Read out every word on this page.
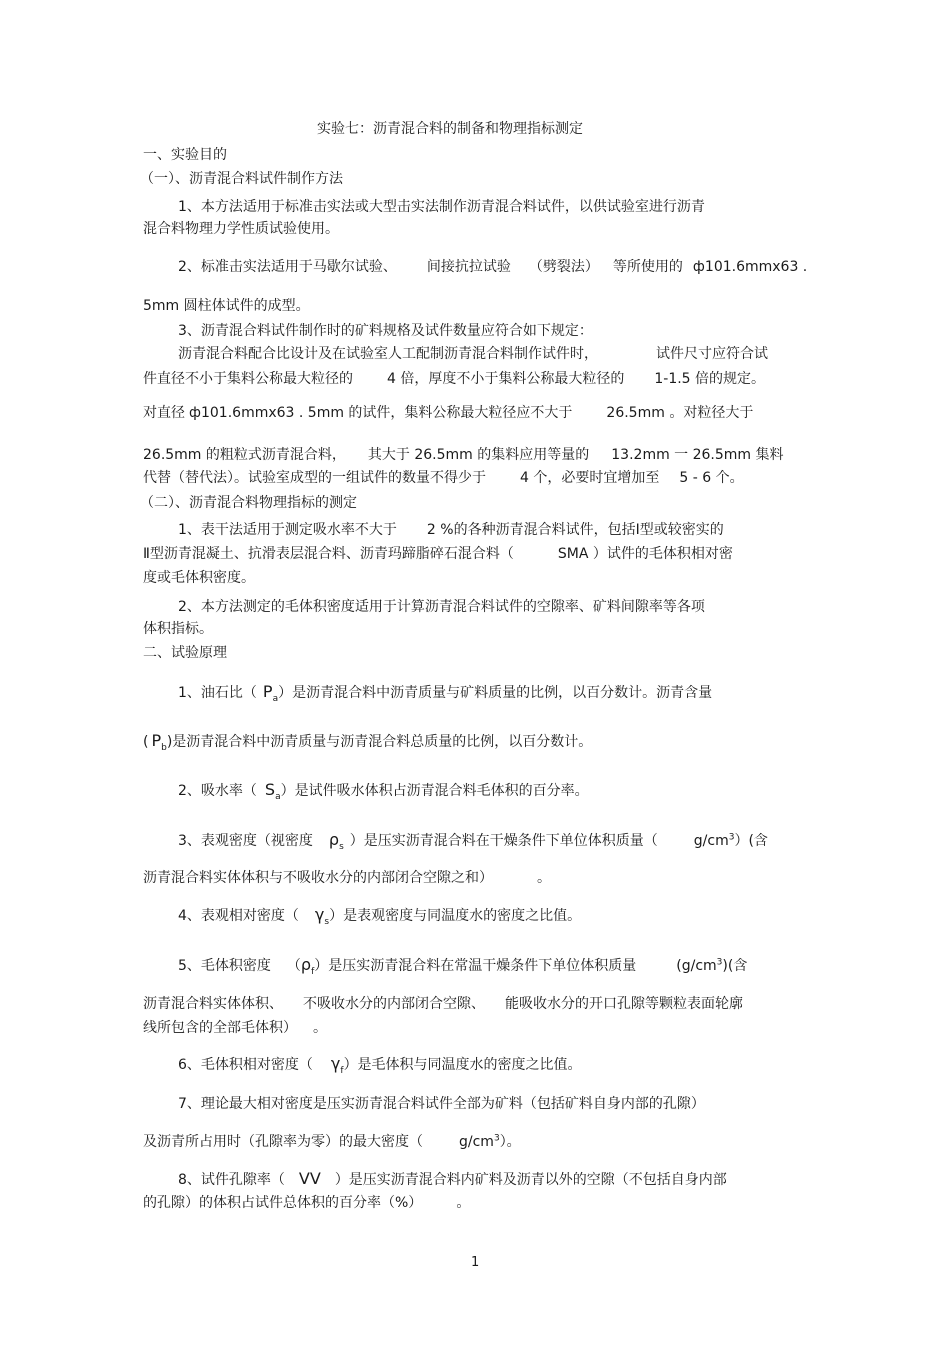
实验七：沥青混合料的制备和物理指标测定
一、实验目的
（一）、沥青混合料试件制作方法
1、本方法适用于标准击实法或大型击实法制作沥青混合料试件，以供试验室进行沥青
混合料物理力学性质试验使用。
2、标准击实法适用于马歇尔试验、 间接抗拉试验 （劈裂法） 等所使用的 ф101.6mmx63 .
5mm 圆柱体试件的成型。
3、沥青混合料试件制作时的矿料规格及试件数量应符合如下规定：
沥青混合料配合比设计及在试验室人工配制沥青混合料制作试件时，	试件尺寸应符合试
件直径不小于集料公称最大粒径的 4 倍，厚度不小于集料公称最大粒径的 1-1.5 倍的规定。
对直径 ф101.6mmx63 . 5mm 的试件，集料公称最大粒径应不大于 26.5mm 。对粒径大于
26.5mm 的粗粒式沥青混合料， 其大于 26.5mm 的集料应用等量的 13.2mm 一 26.5mm 集料
代替（替代法）。试验室成型的一组试件的数量不得少于 4 个，必要时宜增加至 5 - 6 个。
（二）、沥青混合料物理指标的测定
1、表干法适用于测定吸水率不大于 2 %的各种沥青混合料试件，包括Ⅰ型或较密实的
Ⅱ型沥青混凝土、抗滑表层混合料、沥青玛蹄脂碎石混合料（	SMA ）试件的毛体积相对密
度或毛体积密度。
2、本方法测定的毛体积密度适用于计算沥青混合料试件的空隙率、矿料间隙率等各项
体积指标。
二、试验原理
1、油石比（ $P_a$）是沥青混合料中沥青质量与矿料质量的比例，以百分数计。沥青含量
( $P_b$)是沥青混合料中沥青质量与沥青混合料总质量的比例，以百分数计。
2、吸水率（ $S_a$）是试件吸水体积占沥青混合料毛体积的百分率。
3、表观密度（视密度 $\rho_s$ ）是压实沥青混合料在干燥条件下单位体积质量（	$g/cm^3$）(含
沥青混合料实体体积与不吸收水分的内部闭合空隙之和）	。
4、表观相对密度（ $\gamma_s$）是表观密度与同温度水的密度之比值。
5、毛体积密度 $(\rho_f)$是压实沥青混合料在常温干燥条件下单位体积质量	$(g/cm^3)$(含
沥青混合料实体体积、 不吸收水分的内部闭合空隙、 能吸收水分的开口孔隙等颗粒表面轮廓
线所包含的全部毛体积） 。
6、毛体积相对密度（ $\gamma_f$）是毛体积与同温度水的密度之比值。
7、理论最大相对密度是压实沥青混合料试件全部为矿料（包括矿料自身内部的孔隙）
及沥青所占用时（孔隙率为零）的最大密度（	$g/cm^3$）。
8、试件孔隙率（ VV ）是压实沥青混合料内矿料及沥青以外的空隙（不包括自身内部
的孔隙）的体积占试件总体积的百分率（%） 。
1
